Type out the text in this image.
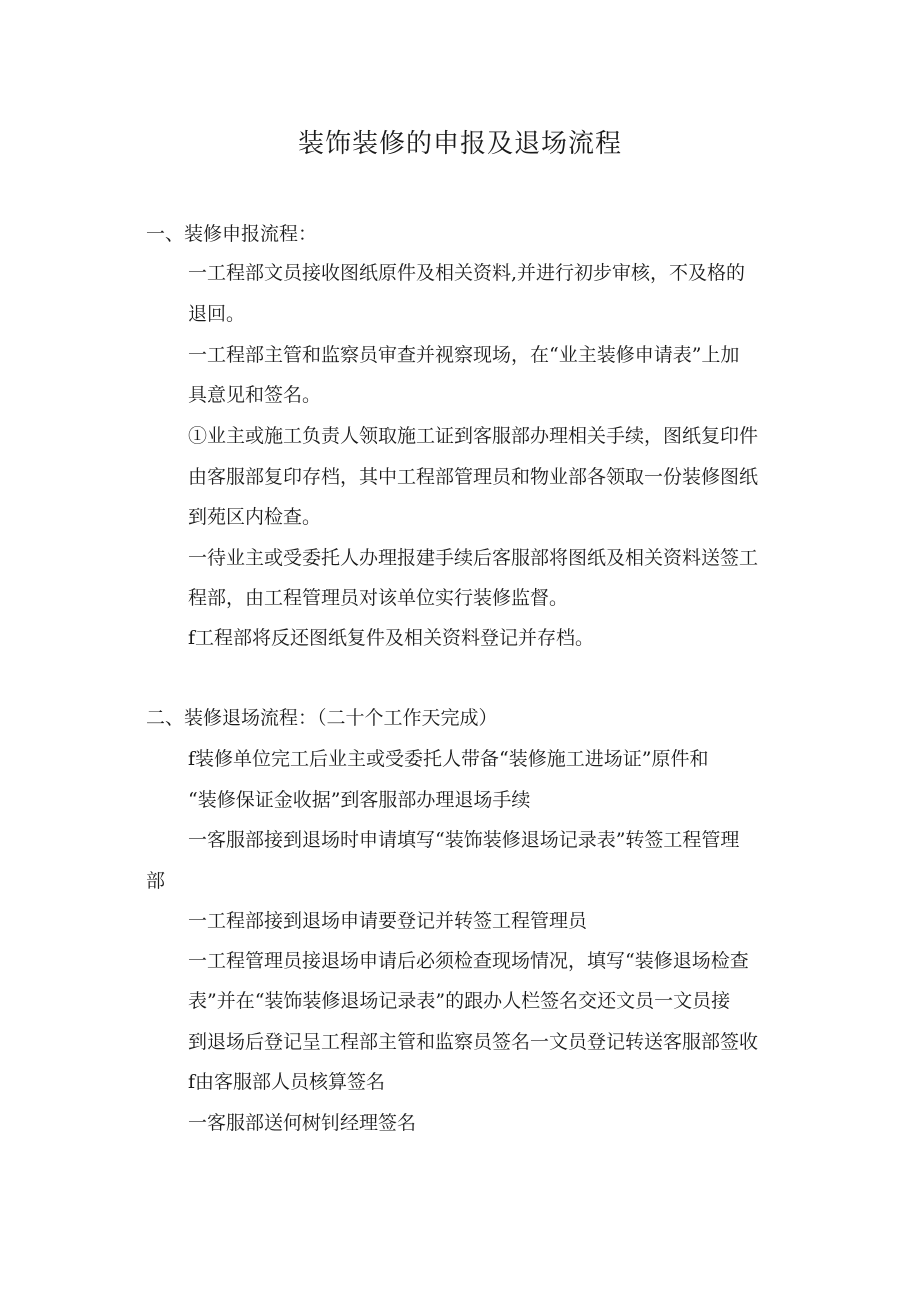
装饰装修的申报及退场流程
一、装修申报流程：
一工程部文员接收图纸原件及相关资料,并进行初步审核，不及格的
退回。
一工程部主管和监察员审查并视察现场，在“业主装修申请表”上加
具意见和签名。
①业主或施工负责人领取施工证到客服部办理相关手续，图纸复印件
由客服部复印存档，其中工程部管理员和物业部各领取一份装修图纸
到苑区内检查。
一待业主或受委托人办理报建手续后客服部将图纸及相关资料送签工
程部，由工程管理员对该单位实行装修监督。
f工程部将反还图纸复件及相关资料登记并存档。
二、装修退场流程：（二十个工作天完成）
f装修单位完工后业主或受委托人带备“装修施工进场证”原件和
“装修保证金收据”到客服部办理退场手续
一客服部接到退场时申请填写“装饰装修退场记录表”转签工程管理
部
一工程部接到退场申请要登记并转签工程管理员
一工程管理员接退场申请后必须检查现场情况，填写“装修退场检查
表”并在“装饰装修退场记录表”的跟办人栏签名交还文员一文员接
到退场后登记呈工程部主管和监察员签名一文员登记转送客服部签收
f由客服部人员核算签名
一客服部送何树钊经理签名
